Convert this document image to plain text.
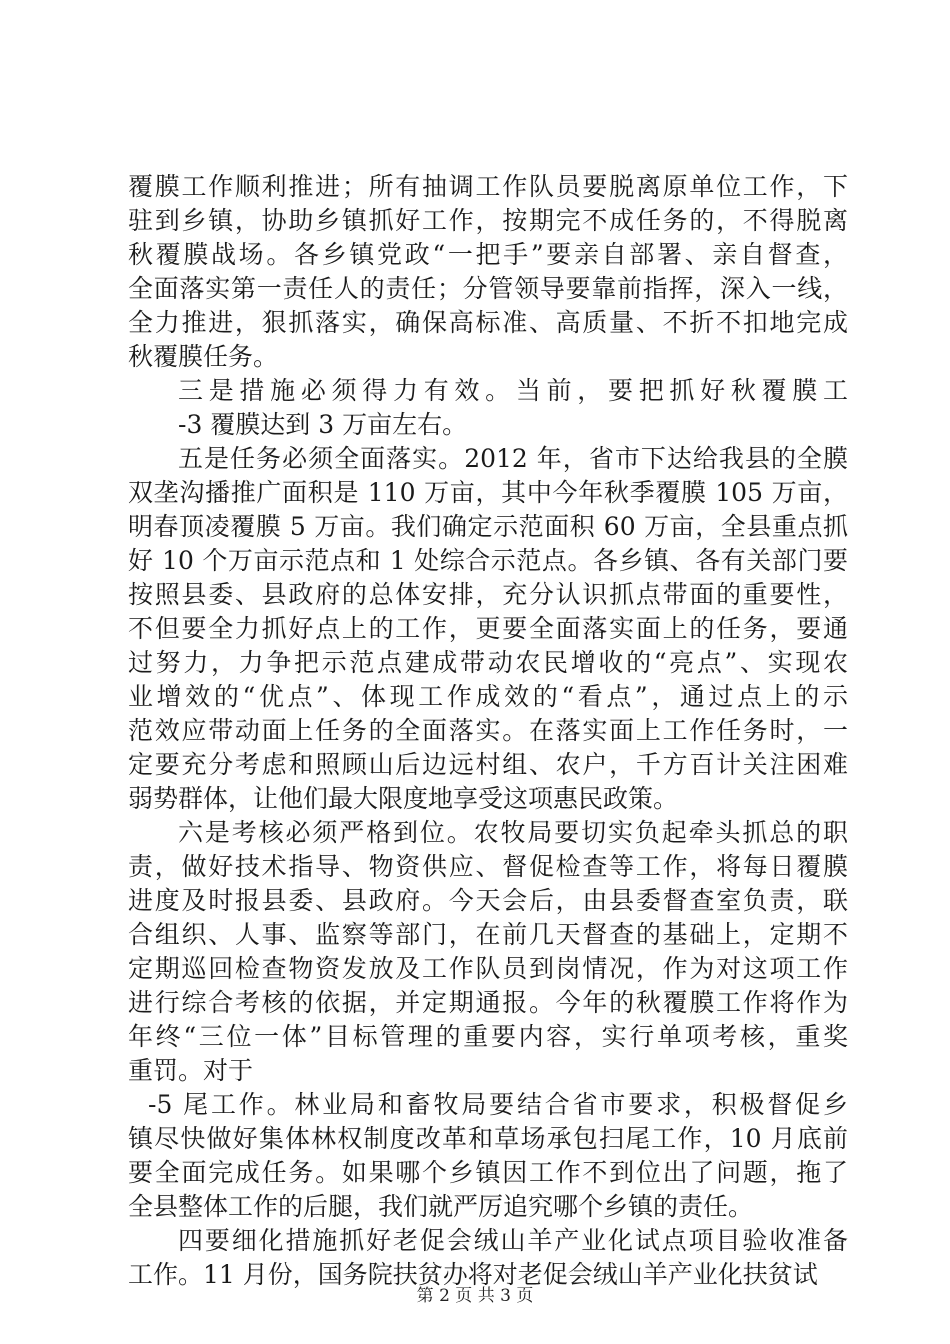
覆膜工作顺利推进；所有抽调工作队员要脱离原单位工作，下
驻到乡镇，协助乡镇抓好工作，按期完不成任务的，不得脱离
秋覆膜战场。各乡镇党政“一把手”要亲自部署、亲自督查，
全面落实第一责任人的责任；分管领导要靠前指挥，深入一线，
全力推进，狠抓落实，确保高标准、高质量、不折不扣地完成
秋覆膜任务。
三是措施必须得力有效。当前，要把抓好秋覆膜工
-3 覆膜达到 3 万亩左右。
五是任务必须全面落实。2012 年，省市下达给我县的全膜
双垄沟播推广面积是 110 万亩，其中今年秋季覆膜 105 万亩，
明春顶凌覆膜 5 万亩。我们确定示范面积 60 万亩，全县重点抓
好 10 个万亩示范点和 1 处综合示范点。各乡镇、各有关部门要
按照县委、县政府的总体安排，充分认识抓点带面的重要性，
不但要全力抓好点上的工作，更要全面落实面上的任务，要通
过努力，力争把示范点建成带动农民增收的“亮点”、实现农
业增效的“优点”、体现工作成效的“看点”，通过点上的示
范效应带动面上任务的全面落实。在落实面上工作任务时，一
定要充分考虑和照顾山后边远村组、农户，千方百计关注困难
弱势群体，让他们最大限度地享受这项惠民政策。
六是考核必须严格到位。农牧局要切实负起牵头抓总的职
责，做好技术指导、物资供应、督促检查等工作，将每日覆膜
进度及时报县委、县政府。今天会后，由县委督查室负责，联
合组织、人事、监察等部门，在前几天督查的基础上，定期不
定期巡回检查物资发放及工作队员到岗情况，作为对这项工作
进行综合考核的依据，并定期通报。今年的秋覆膜工作将作为
年终“三位一体”目标管理的重要内容，实行单项考核，重奖
重罚。对于
-5 尾工作。林业局和畜牧局要结合省市要求，积极督促乡
镇尽快做好集体林权制度改革和草场承包扫尾工作，10 月底前
要全面完成任务。如果哪个乡镇因工作不到位出了问题，拖了
全县整体工作的后腿，我们就严厉追究哪个乡镇的责任。
四要细化措施抓好老促会绒山羊产业化试点项目验收准备
工作。11 月份，国务院扶贫办将对老促会绒山羊产业化扶贫试
第 2 页 共 3 页
